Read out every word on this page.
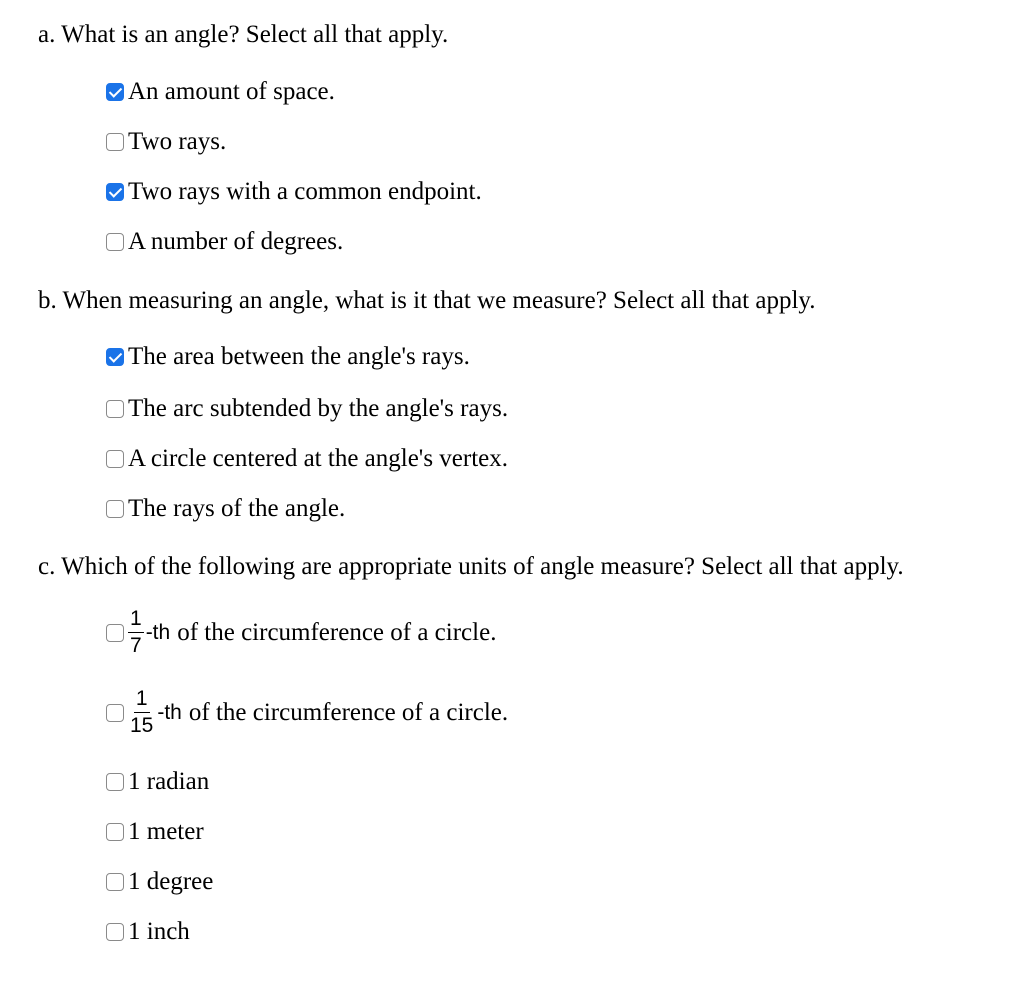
a. What is an angle? Select all that apply.
An amount of space.
Two rays.
Two rays with a common endpoint.
A number of degrees.
b. When measuring an angle, what is it that we measure? Select all that apply.
The area between the angle's rays.
The arc subtended by the angle's rays.
A circle centered at the angle's vertex.
The rays of the angle.
c. Which of the following are appropriate units of angle measure? Select all that apply.
$\frac{1}{7} -th$ of the circumference of a circle.
$\frac{1}{15} -th$ of the circumference of a circle.
1 radian
1 meter
1 degree
1 inch
